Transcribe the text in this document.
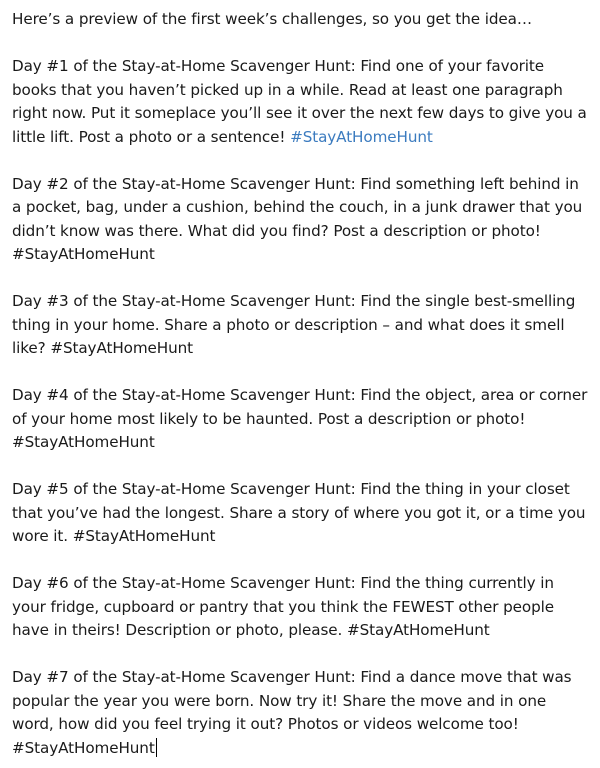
Here’s a preview of the first week’s challenges, so you get the idea…

Day #1 of the Stay-at-Home Scavenger Hunt: Find one of your favorite books that you haven’t picked up in a while. Read at least one paragraph right now. Put it someplace you’ll see it over the next few days to give you a little lift. Post a photo or a sentence! #StayAtHomeHunt

Day #2 of the Stay-at-Home Scavenger Hunt: Find something left behind in a pocket, bag, under a cushion, behind the couch, in a junk drawer that you didn’t know was there. What did you find? Post a description or photo! #StayAtHomeHunt

Day #3 of the Stay-at-Home Scavenger Hunt: Find the single best-smelling thing in your home. Share a photo or description – and what does it smell like? #StayAtHomeHunt

Day #4 of the Stay-at-Home Scavenger Hunt: Find the object, area or corner of your home most likely to be haunted. Post a description or photo! #StayAtHomeHunt

Day #5 of the Stay-at-Home Scavenger Hunt: Find the thing in your closet that you’ve had the longest. Share a story of where you got it, or a time you wore it. #StayAtHomeHunt

Day #6 of the Stay-at-Home Scavenger Hunt: Find the thing currently in your fridge, cupboard or pantry that you think the FEWEST other people have in theirs! Description or photo, please. #StayAtHomeHunt

Day #7 of the Stay-at-Home Scavenger Hunt: Find a dance move that was popular the year you were born. Now try it! Share the move and in one word, how did you feel trying it out? Photos or videos welcome too! #StayAtHomeHunt
